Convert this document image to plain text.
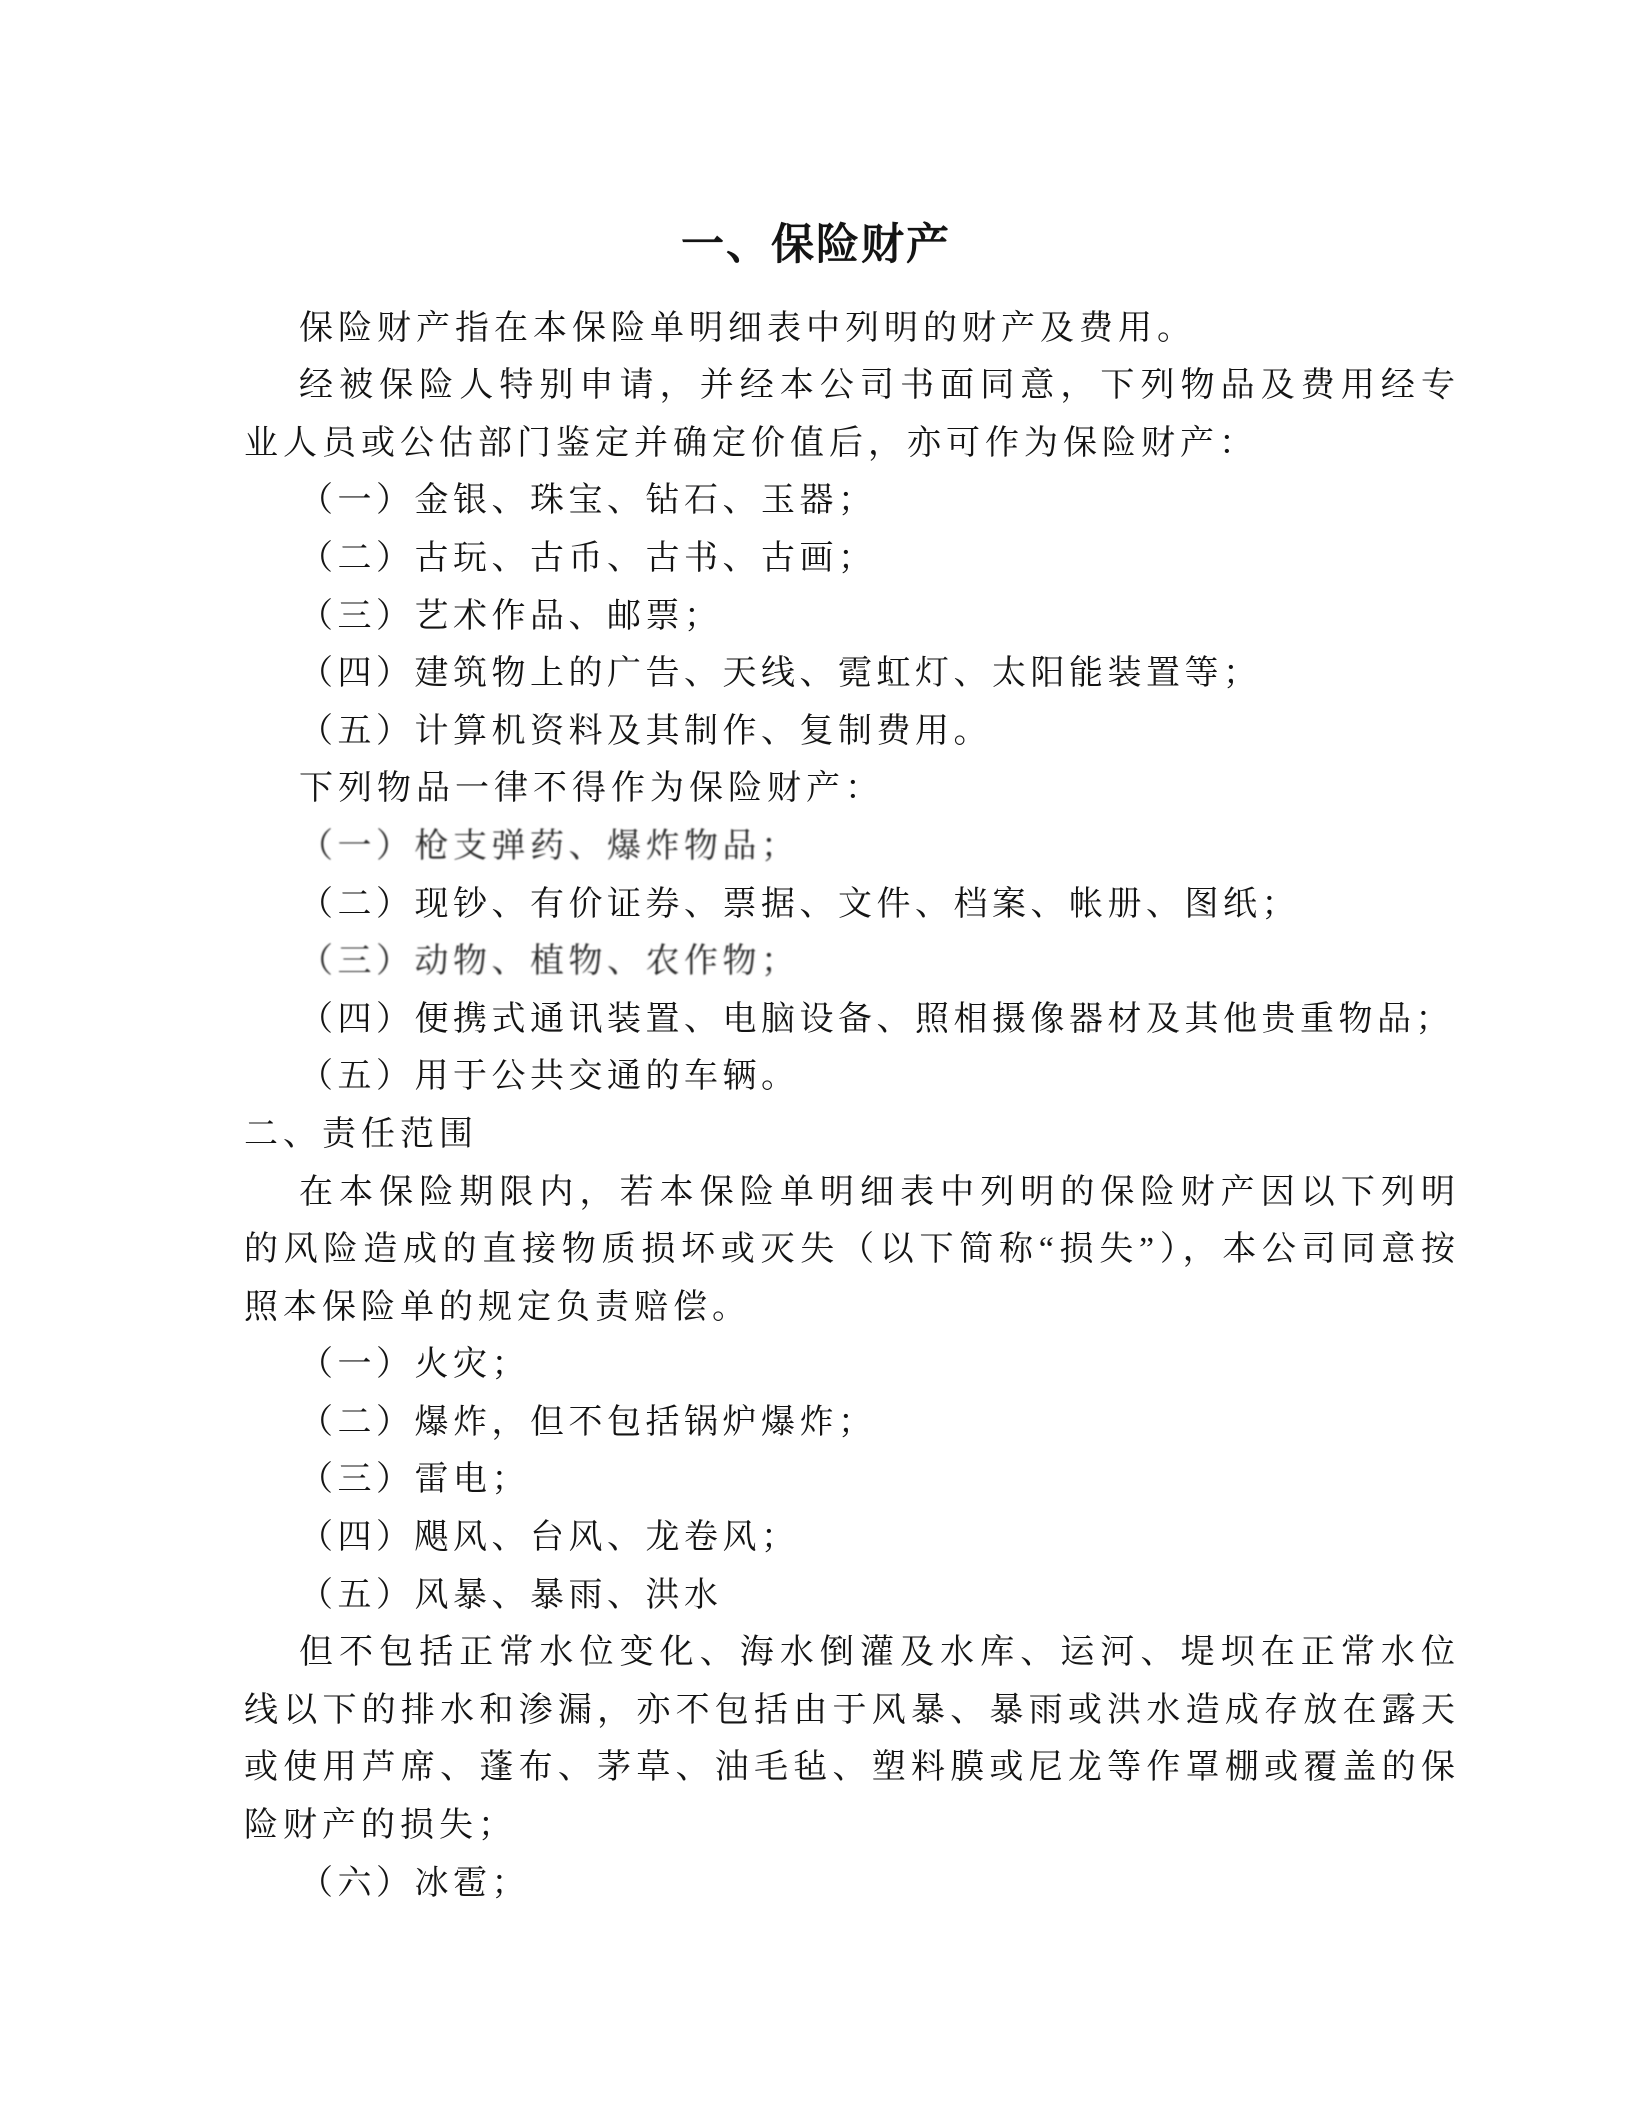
一、保险财产

保险财产指在本保险单明细表中列明的财产及费用。

经被保险人特别申请，并经本公司书面同意，下列物品及费用经专业人员或公估部门鉴定并确定价值后，亦可作为保险财产：

（一）金银、珠宝、钻石、玉器；

（二）古玩、古币、古书、古画；

（三）艺术作品、邮票；

（四）建筑物上的广告、天线、霓虹灯、太阳能装置等；

（五）计算机资料及其制作、复制费用。

下列物品一律不得作为保险财产：

（一）枪支弹药、爆炸物品；

（二）现钞、有价证券、票据、文件、档案、帐册、图纸；

（三）动物、植物、农作物；

（四）便携式通讯装置、电脑设备、照相摄像器材及其他贵重物品；

（五）用于公共交通的车辆。

二、责任范围

在本保险期限内，若本保险单明细表中列明的保险财产因以下列明的风险造成的直接物质损坏或灭失（以下简称“损失”），本公司同意按照本保险单的规定负责赔偿。

（一）火灾；

（二）爆炸，但不包括锅炉爆炸；

（三）雷电；

（四）飓风、台风、龙卷风；

（五）风暴、暴雨、洪水

但不包括正常水位变化、海水倒灌及水库、运河、堤坝在正常水位线以下的排水和渗漏，亦不包括由于风暴、暴雨或洪水造成存放在露天或使用芦席、蓬布、茅草、油毛毡、塑料膜或尼龙等作罩棚或覆盖的保险财产的损失；

（六）冰雹；
